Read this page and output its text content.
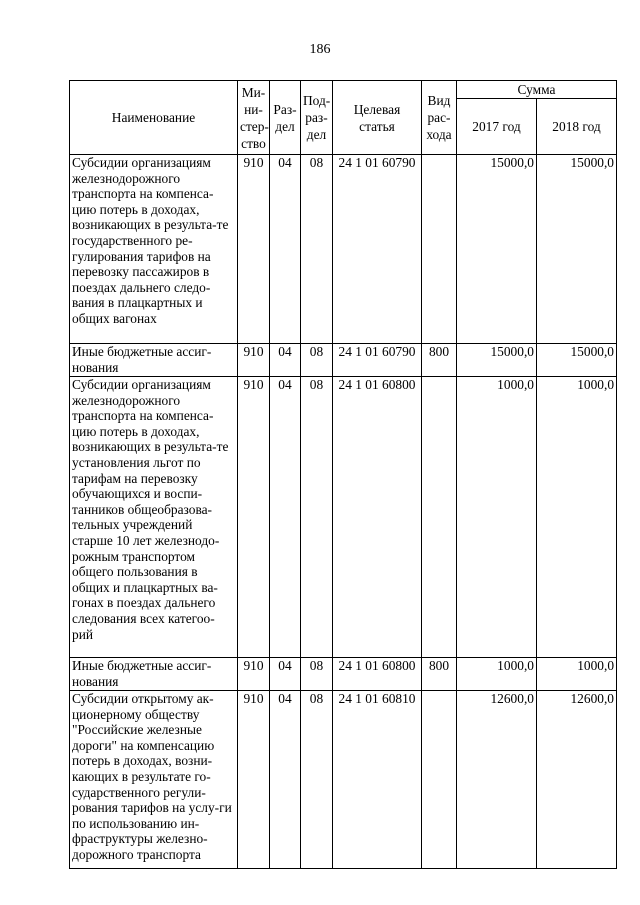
186
Наименование	Ми-ни-стер-ство	Раз-дел	Под-раз-дел	Целевая статья	Вид рас-хода	Сумма	
						2017 год	2018 год
Субсидии организациям железнодорожного транспорта на компенса-цию потерь в доходах, возникающих в результа-те государственного ре-гулирования тарифов на перевозку пассажиров в поездах дальнего следо-вания в плацкартных и общих вагонах	910	04	08	24 1 01 60790		15000,0	15000,0
Иные бюджетные ассиг-нования	910	04	08	24 1 01 60790	800	15000,0	15000,0
Субсидии организациям железнодорожного транспорта на компенса-цию потерь в доходах, возникающих в результа-те установления льгот по тарифам на перевозку обучающихся и воспи-танников общеобразова-тельных учреждений старше 10 лет железнодо-рожным транспортом общего пользования в общих и плацкартных ва-гонах в поездах дальнего следования всех категоо-рий	910	04	08	24 1 01 60800		1000,0	1000,0
Иные бюджетные ассиг-нования	910	04	08	24 1 01 60800	800	1000,0	1000,0
Субсидии открытому ак-ционерному обществу "Российские железные дороги" на компенсацию потерь в доходах, возни-кающих в результате го-сударственного регули-рования тарифов на услу-ги по использованию ин-фраструктуры железно-дорожного транспорта	910	04	08	24 1 01 60810		12600,0	12600,0
